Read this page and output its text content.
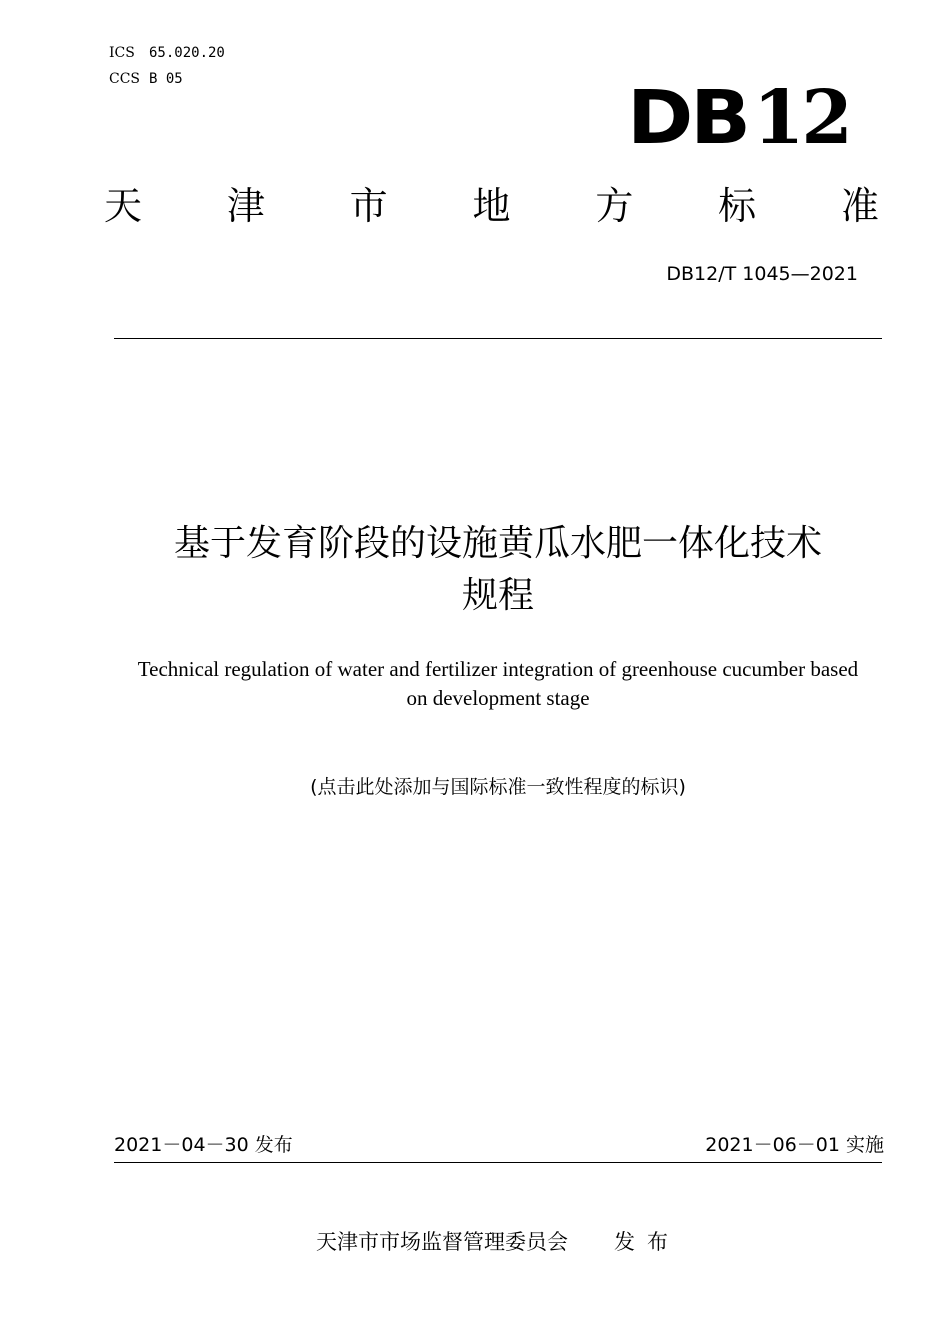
ICS 65.020.20
CCS B 05	DB12
天 津 市 地 方 标 准
DB12/T 1045—2021
基于发育阶段的设施黄瓜水肥一体化技术
规程
Technical regulation of water and fertilizer integration of greenhouse cucumber based
on development stage
(点击此处添加与国际标准一致性程度的标识)
2021－04－30 发布	2021－06－01 实施
天津市市场监督管理委员会 发布
